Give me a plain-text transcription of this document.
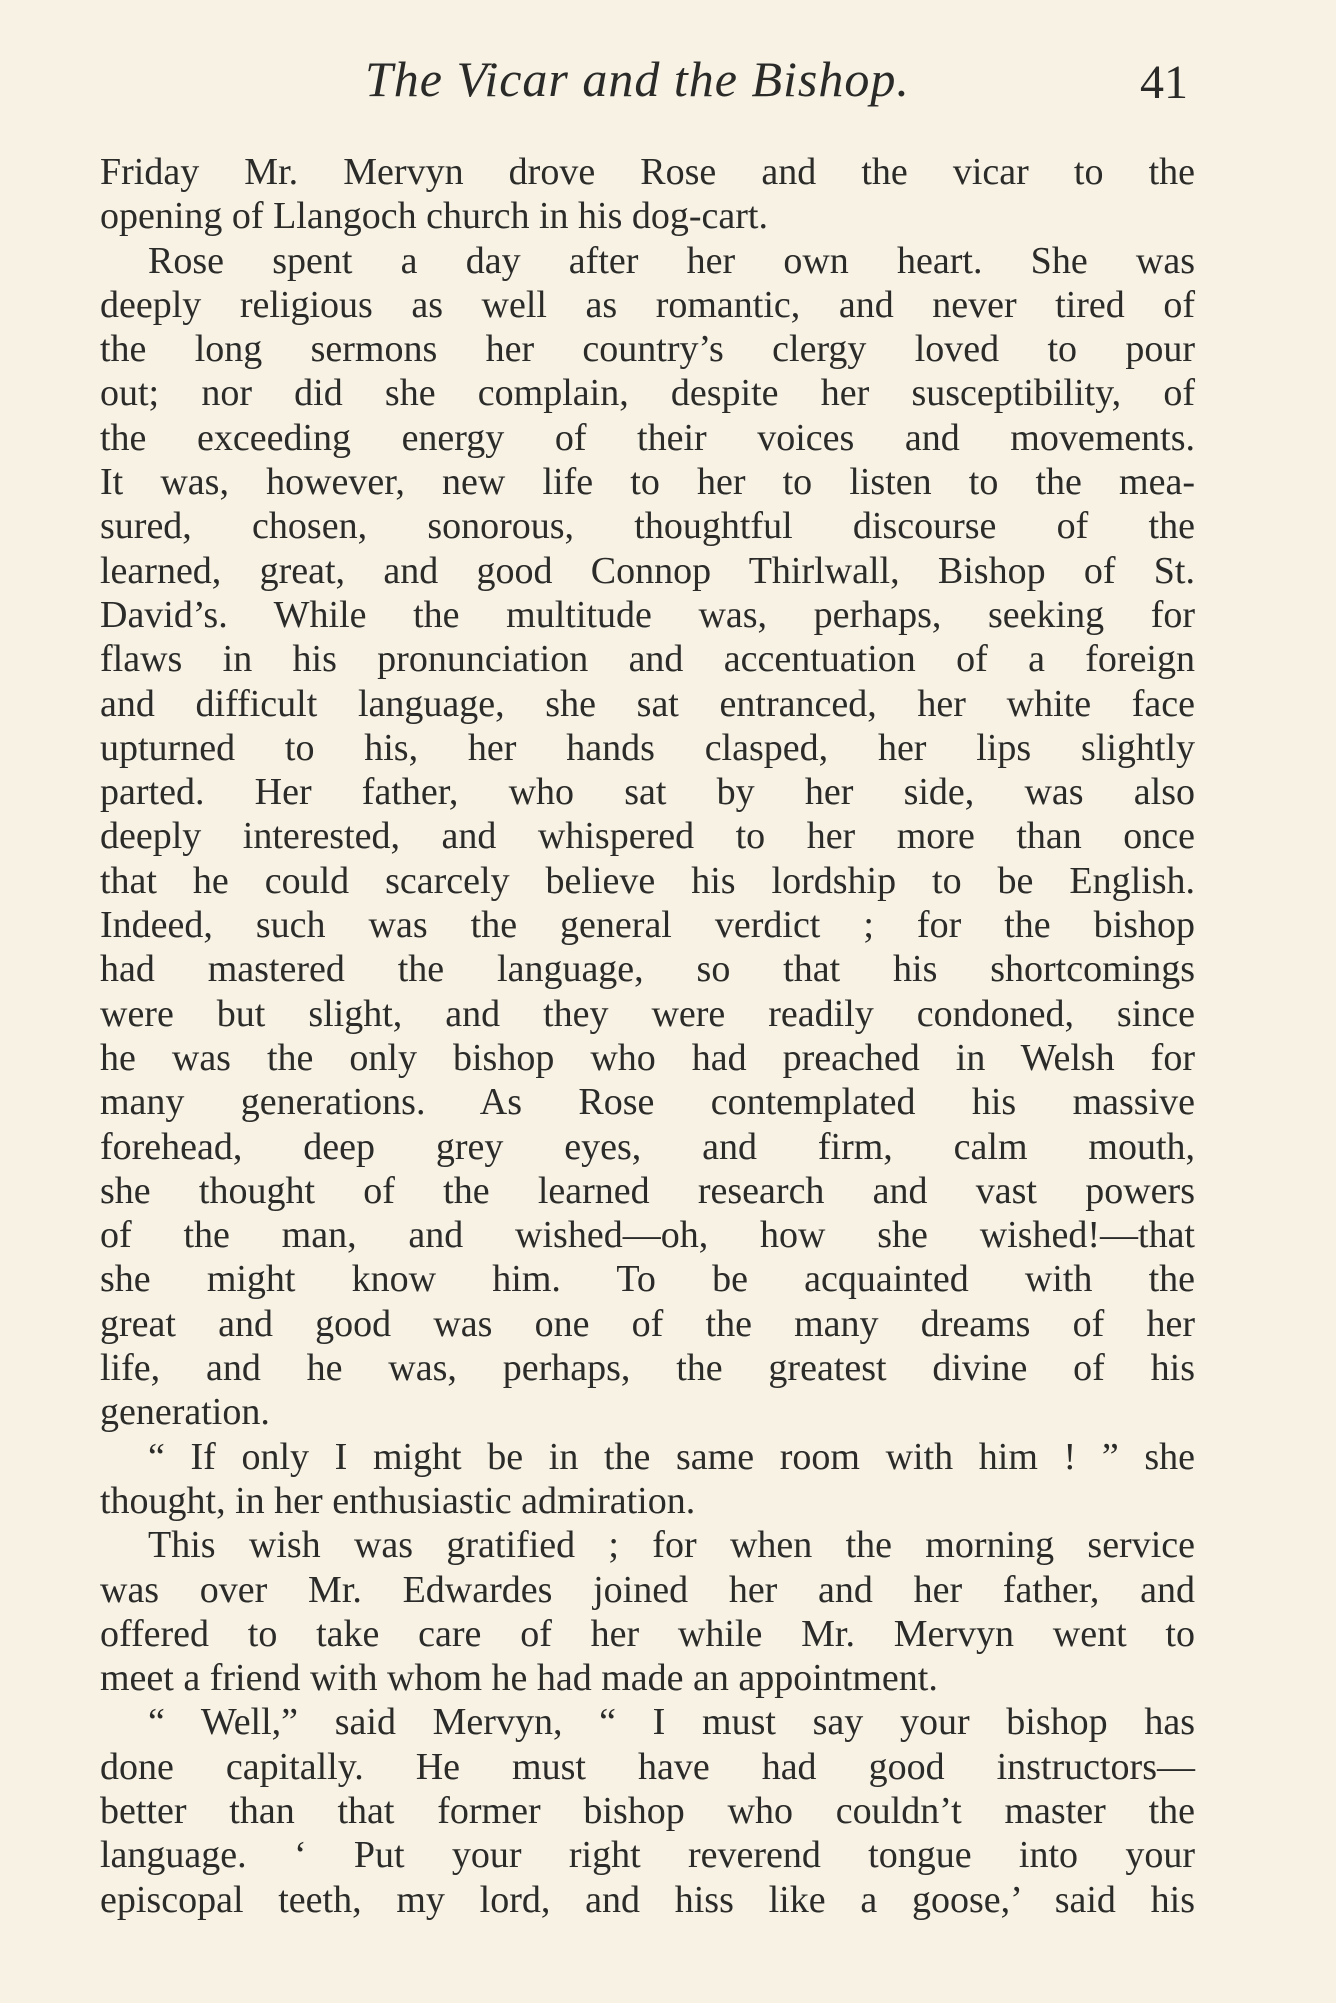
The Vicar and the Bishop.	41
Friday Mr. Mervyn drove Rose and the vicar to the
opening of Llangoch church in his dog-cart.
Rose spent a day after her own heart. She was
deeply religious as well as romantic, and never tired of
the long sermons her country’s clergy loved to pour
out; nor did she complain, despite her susceptibility, of
the exceeding energy of their voices and movements.
It was, however, new life to her to listen to the mea-
sured, chosen, sonorous, thoughtful discourse of the
learned, great, and good Connop Thirlwall, Bishop of St.
David’s. While the multitude was, perhaps, seeking for
flaws in his pronunciation and accentuation of a foreign
and difficult language, she sat entranced, her white face
upturned to his, her hands clasped, her lips slightly
parted. Her father, who sat by her side, was also
deeply interested, and whispered to her more than once
that he could scarcely believe his lordship to be English.
Indeed, such was the general verdict ; for the bishop
had mastered the language, so that his shortcomings
were but slight, and they were readily condoned, since
he was the only bishop who had preached in Welsh for
many generations. As Rose contemplated his massive
forehead, deep grey eyes, and firm, calm mouth,
she thought of the learned research and vast powers
of the man, and wished—oh, how she wished!—that
she might know him. To be acquainted with the
great and good was one of the many dreams of her
life, and he was, perhaps, the greatest divine of his
generation.
“ If only I might be in the same room with him ! ” she
thought, in her enthusiastic admiration.
This wish was gratified ; for when the morning service
was over Mr. Edwardes joined her and her father, and
offered to take care of her while Mr. Mervyn went to
meet a friend with whom he had made an appointment.
“ Well,” said Mervyn, “ I must say your bishop has
done capitally. He must have had good instructors—
better than that former bishop who couldn’t master the
language. ‘ Put your right reverend tongue into your
episcopal teeth, my lord, and hiss like a goose,’ said his
